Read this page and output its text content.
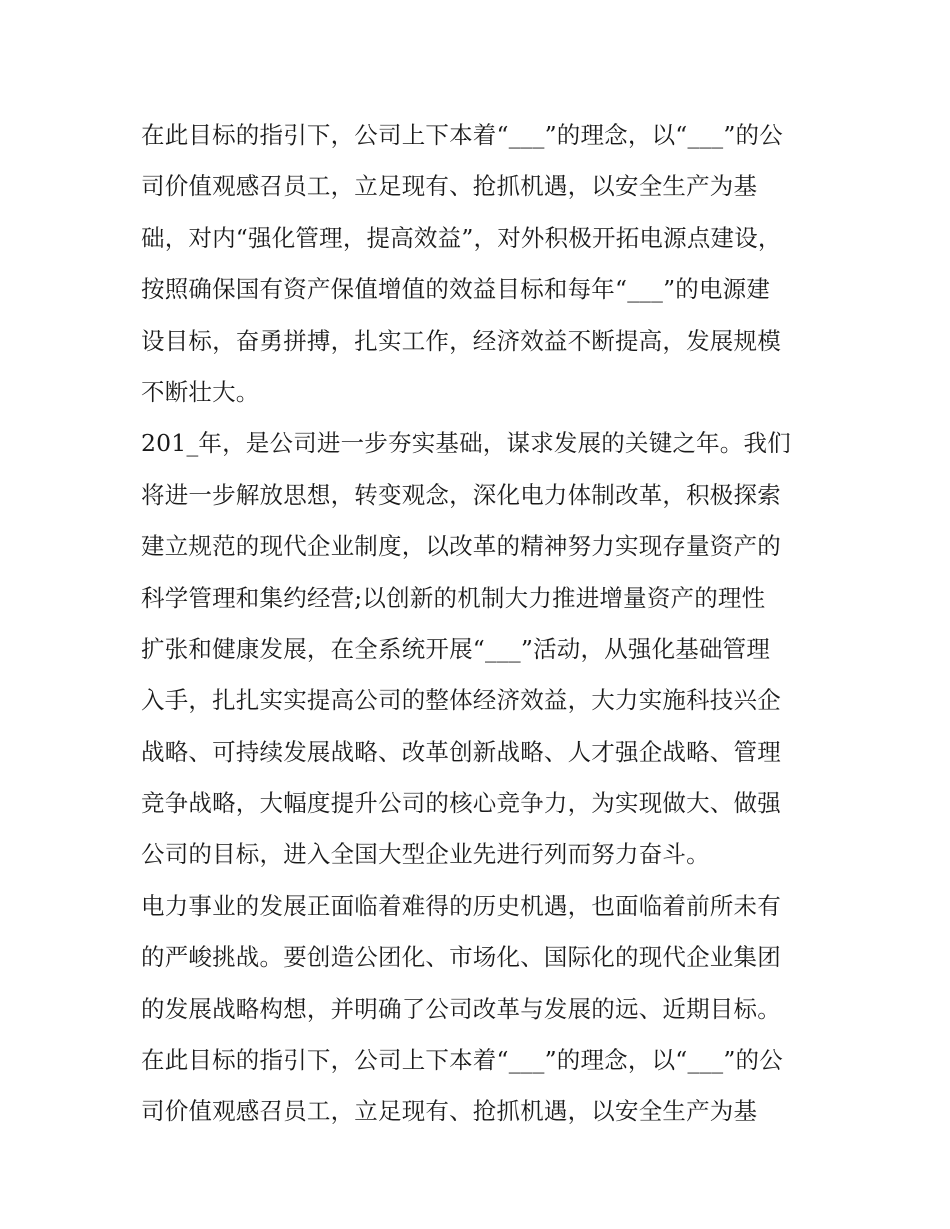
在此目标的指引下，公司上下本着“___”的理念，以“___”的公
司价值观感召员工，立足现有、抢抓机遇，以安全生产为基
础，对内“强化管理，提高效益”，对外积极开拓电源点建设，
按照确保国有资产保值增值的效益目标和每年“___”的电源建
设目标，奋勇拼搏，扎实工作，经济效益不断提高，发展规模
不断壮大。
201_年，是公司进一步夯实基础，谋求发展的关键之年。我们
将进一步解放思想，转变观念，深化电力体制改革，积极探索
建立规范的现代企业制度，以改革的精神努力实现存量资产的
科学管理和集约经营;以创新的机制大力推进增量资产的理性
扩张和健康发展，在全系统开展“___”活动，从强化基础管理
入手，扎扎实实提高公司的整体经济效益，大力实施科技兴企
战略、可持续发展战略、改革创新战略、人才强企战略、管理
竞争战略，大幅度提升公司的核心竞争力，为实现做大、做强
公司的目标，进入全国大型企业先进行列而努力奋斗。
电力事业的发展正面临着难得的历史机遇，也面临着前所未有
的严峻挑战。要创造公团化、市场化、国际化的现代企业集团
的发展战略构想，并明确了公司改革与发展的远、近期目标。
在此目标的指引下，公司上下本着“___”的理念，以“___”的公
司价值观感召员工，立足现有、抢抓机遇，以安全生产为基
